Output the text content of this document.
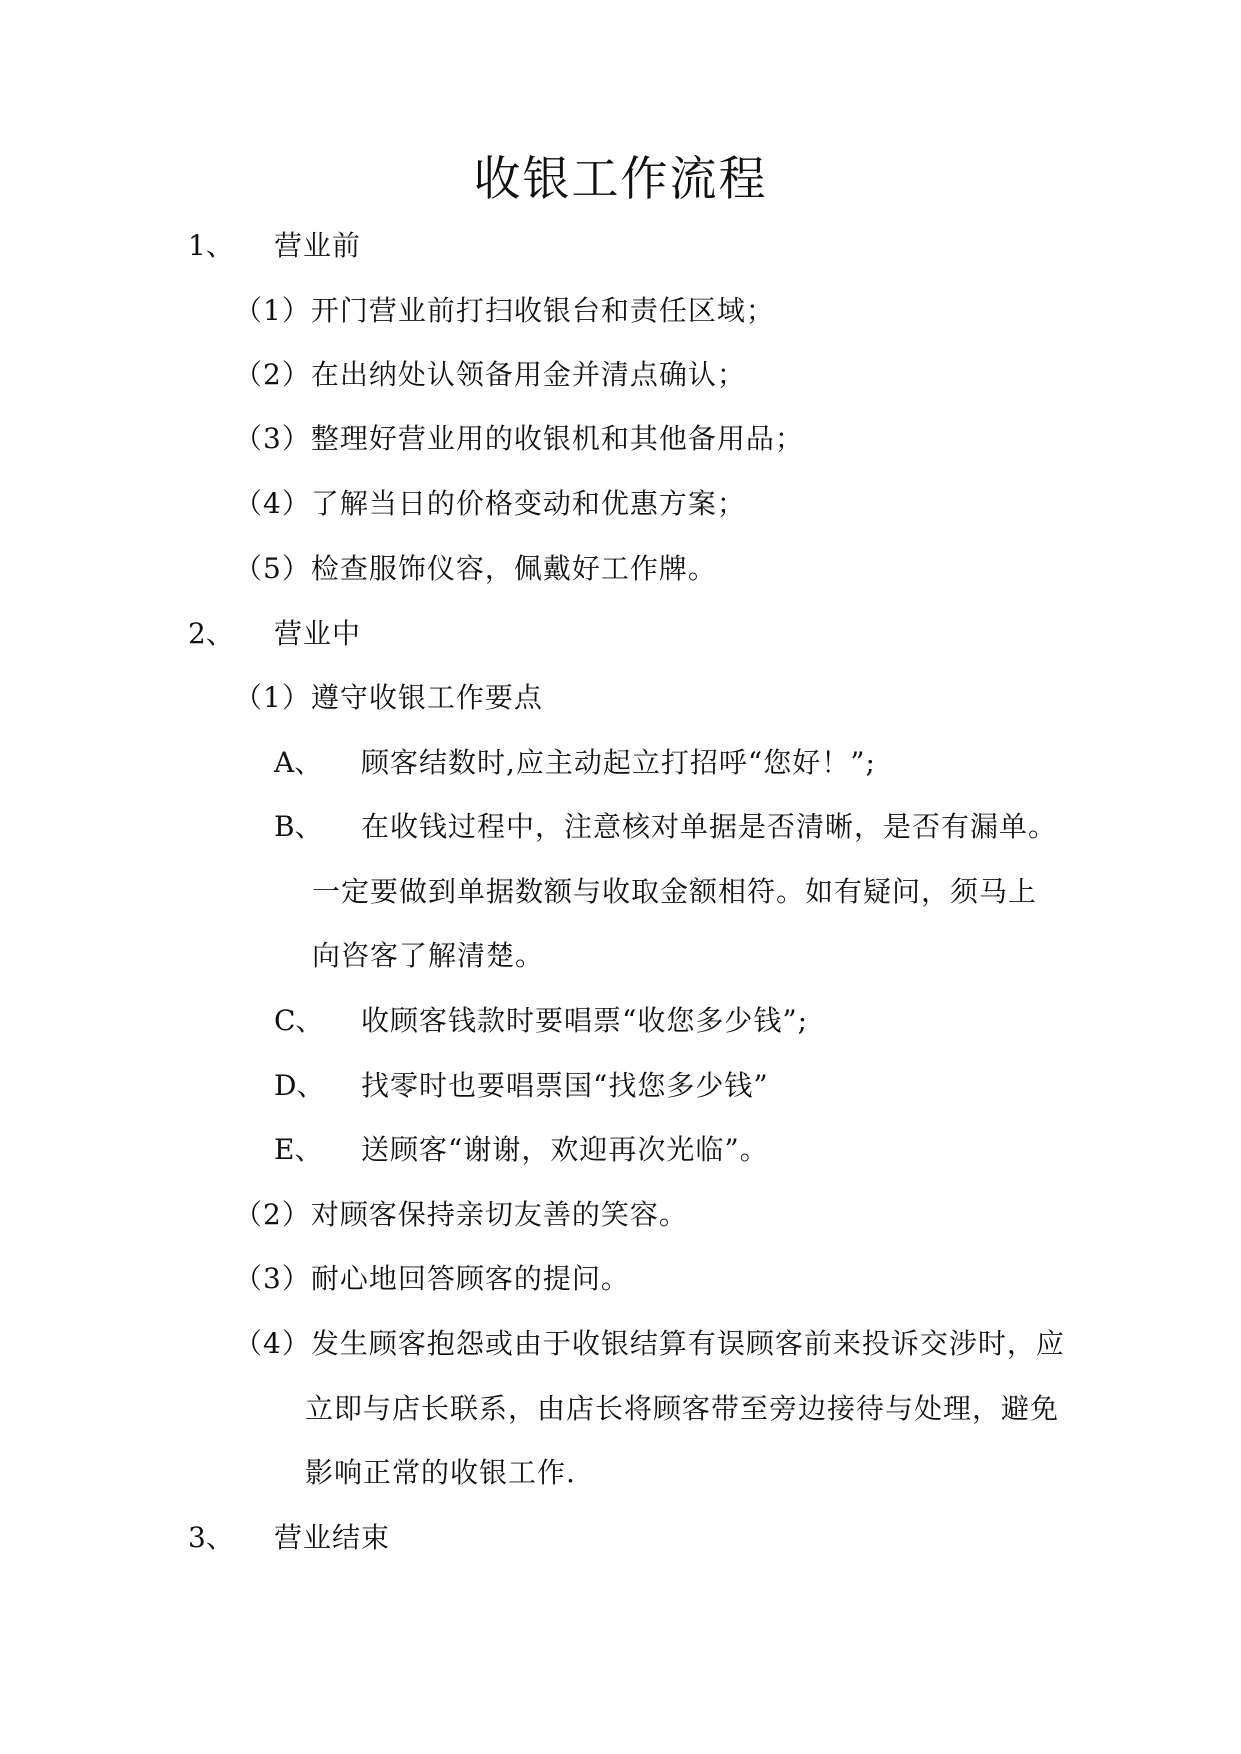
收银工作流程
1、 营业前
（1）开门营业前打扫收银台和责任区域；
（2）在出纳处认领备用金并清点确认；
（3）整理好营业用的收银机和其他备用品；
（4）了解当日的价格变动和优惠方案；
（5）检查服饰仪容，佩戴好工作牌。
2、 营业中
（1）遵守收银工作要点
A、 顾客结数时,应主动起立打招呼“您好！”;
B、 在收钱过程中，注意核对单据是否清晰，是否有漏单。
一定要做到单据数额与收取金额相符。如有疑问，须马上
向咨客了解清楚。
C、 收顾客钱款时要唱票“收您多少钱”;
D、 找零时也要唱票国“找您多少钱”
E、 送顾客“谢谢，欢迎再次光临”。
（2）对顾客保持亲切友善的笑容。
（3）耐心地回答顾客的提问。
（4）发生顾客抱怨或由于收银结算有误顾客前来投诉交涉时，应
立即与店长联系，由店长将顾客带至旁边接待与处理，避免
影响正常的收银工作.
3、 营业结束
